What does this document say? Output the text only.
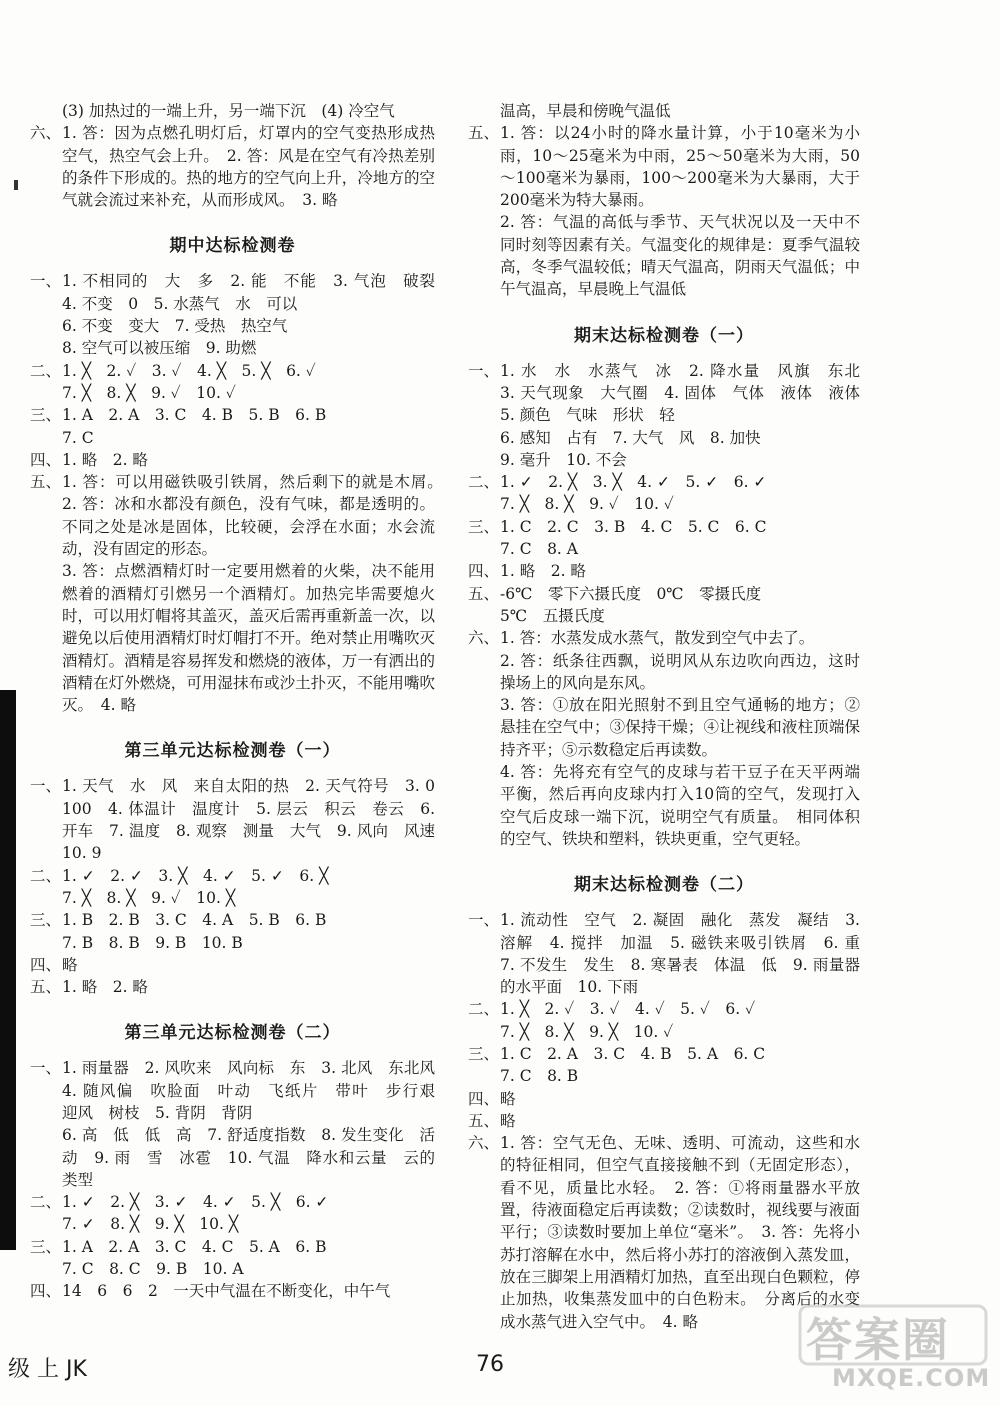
(3) 加热过的一端上升，另一端下沉　(4) 冷空气
六、 1. 答：因为点燃孔明灯后，灯罩内的空气变热形成热空气，热空气会上升。　2. 答：风是在空气有冷热差别的条件下形成的。热的地方的空气向上升，冷地方的空气就会流过来补充，从而形成风。　3. 略
期中达标检测卷
一、 1. 不相同的　大　多　2. 能　不能　3. 气泡　破裂　4. 不变　0　5. 水蒸气　水　可以
6. 不变　变大　7. 受热　热空气
8. 空气可以被压缩　9. 助燃
二、 1. ╳　2. ✓　3. ✓　4. ╳　5. ╳　6. ✓
7. ╳　8. ╳　9. ✓　10. ✓
三、 1. A　2. A　3. C　4. B　5. B　6. B
7. C
四、 1. 略　2. 略
五、 1. 答：可以用磁铁吸引铁屑，然后剩下的就是木屑。　2. 答：冰和水都没有颜色，没有气味，都是透明的。不同之处是冰是固体，比较硬，会浮在水面；水会流动，没有固定的形态。
3. 答：点燃酒精灯时一定要用燃着的火柴，决不能用燃着的酒精灯引燃另一个酒精灯。加热完毕需要熄火时，可以用灯帽将其盖灭，盖灭后需再重新盖一次，以避免以后使用酒精灯时灯帽打不开。绝对禁止用嘴吹灭酒精灯。酒精是容易挥发和燃烧的液体，万一有洒出的酒精在灯外燃烧，可用湿抹布或沙土扑灭，不能用嘴吹灭。　4. 略
第三单元达标检测卷（一）
一、 1. 天气　水　风　来自太阳的热　2. 天气符号　3. 0　100　4. 体温计　温度计　5. 层云　积云　卷云　6. 开车　7. 温度　8. 观察　测量　大气　9. 风向　风速　10. 9
二、 1. ✓　2. ✓　3. ╳　4. ✓　5. ✓　6. ╳
7. ╳　8. ╳　9. ✓　10. ╳
三、 1. B　2. B　3. C　4. A　5. B　6. B
7. B　8. B　9. B　10. B
四、 略
五、 1. 略　2. 略
第三单元达标检测卷（二）
一、 1. 雨量器　2. 风吹来　风向标　东　3. 北风　东北风　4. 随风偏　吹脸面　叶动　飞纸片　带叶　步行艰　迎风　树枝　5. 背阴　背阴
6. 高　低　低　高　7. 舒适度指数　8. 发生变化　活动　9. 雨　雪　冰雹　10. 气温　降水和云量　云的类型
二、 1. ✓　2. ╳　3. ✓　4. ✓　5. ╳　6. ✓
7. ✓　8. ╳　9. ╳　10. ╳
三、 1. A　2. A　3. C　4. C　5. A　6. B
7. C　8. C　9. B　10. A
四、 14　6　6　2　一天中气温在不断变化，中午气
温高，早晨和傍晚气温低
五、 1. 答：以24小时的降水量计算，小于10毫米为小雨，10～25毫米为中雨，25～50毫米为大雨，50～100毫米为暴雨，100～200毫米为大暴雨，大于200毫米为特大暴雨。
2. 答：气温的高低与季节、天气状况以及一天中不同时刻等因素有关。气温变化的规律是：夏季气温较高，冬季气温较低；晴天气温高，阴雨天气温低；中午气温高，早晨晚上气温低
期末达标检测卷（一）
一、 1. 水　水　水蒸气　冰　2. 降水量　风旗　东北　3. 天气现象　大气圈　4. 固体　气体　液体　液体　5. 颜色　气味　形状　轻
6. 感知　占有　7. 大气　风　8. 加快
9. 毫升　10. 不会
二、 1. ✓　2. ╳　3. ╳　4. ✓　5. ✓　6. ✓
7. ╳　8. ╳　9. ✓　10. ✓
三、 1. C　2. C　3. B　4. C　5. C　6. C
7. C　8. A
四、 1. 略　2. 略
五、 -6℃　零下六摄氏度　0℃　零摄氏度
5℃　五摄氏度
六、 1. 答：水蒸发成水蒸气，散发到空气中去了。
2. 答：纸条往西飘，说明风从东边吹向西边，这时操场上的风向是东风。
3. 答：①放在阳光照射不到且空气通畅的地方；②悬挂在空气中；③保持干燥；④让视线和液柱顶端保持齐平；⑤示数稳定后再读数。
4. 答：先将充有空气的皮球与若干豆子在天平两端平衡，然后再向皮球内打入10筒的空气，发现打入空气后皮球一端下沉，说明空气有质量。　相同体积的空气、铁块和塑料，铁块更重，空气更轻。
期末达标检测卷（二）
一、 1. 流动性　空气　2. 凝固　融化　蒸发　凝结　3. 溶解　4. 搅拌　加温　5. 磁铁来吸引铁屑　6. 重　7. 不发生　发生　8. 寒暑表　体温　低　9. 雨量器的水平面　10. 下雨
二、 1. ╳　2. ✓　3. ✓　4. ✓　5. ✓　6. ✓
7. ╳　8. ╳　9. ╳　10. ✓
三、 1. C　2. A　3. C　4. B　5. A　6. C
7. C　8. B
四、 略
五、 略
六、 1. 答：空气无色、无味、透明、可流动，这些和水的特征相同，但空气直接接触不到（无固定形态），看不见，质量比水轻。　2. 答：①将雨量器水平放置，待液面稳定后再读数；②读数时，视线要与液面平行；③读数时要加上单位“毫米”。　3. 答：先将小苏打溶解在水中，然后将小苏打的溶液倒入蒸发皿，放在三脚架上用酒精灯加热，直至出现白色颗粒，停止加热，收集蒸发皿中的白色粉末。　分离后的水变成水蒸气进入空气中。　4. 略
级 上 JK	76	答案圈
MXQE.COM
